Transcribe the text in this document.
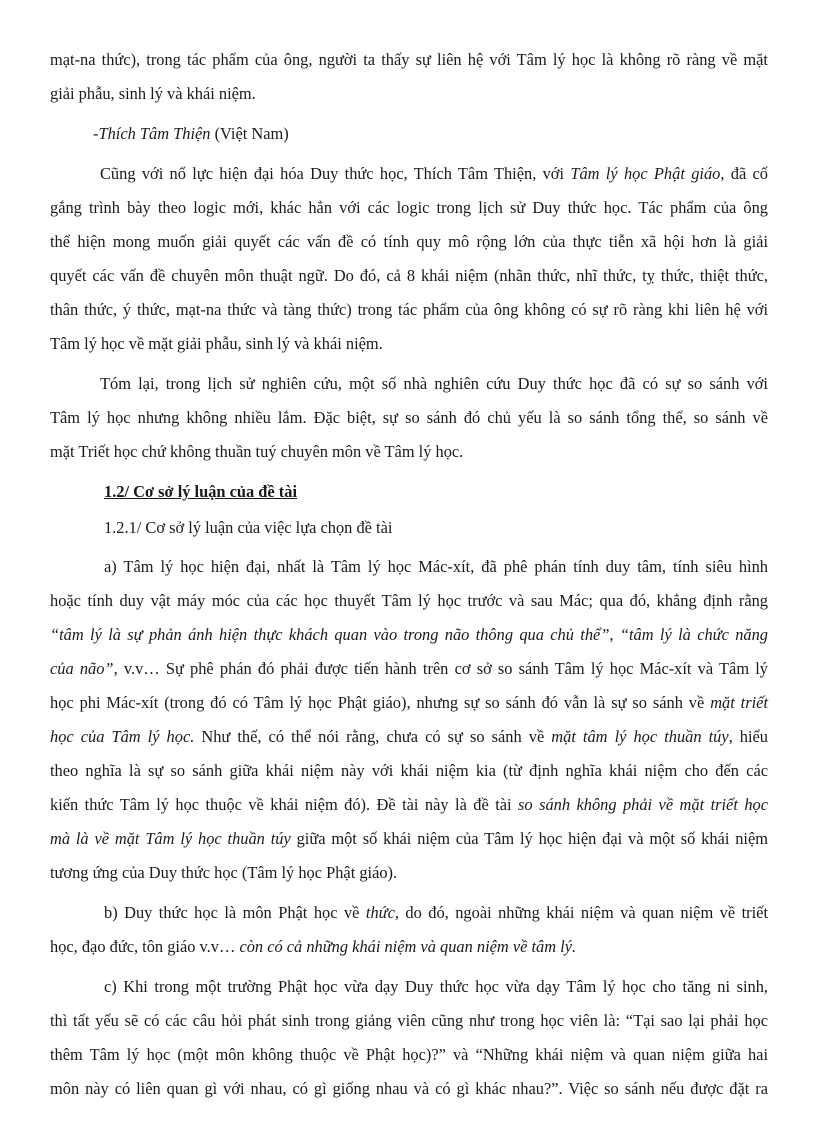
mạt-na thức), trong tác phẩm của ông, người ta thấy sự liên hệ với Tâm lý học là không rõ ràng về mặt
giải phẫu, sinh lý và khái niệm.
-Thích Tâm Thiện (Việt Nam)
Cũng với nổ lực hiện đại hóa Duy thức học, Thích Tâm Thiện, với Tâm lý học Phật giáo, đã cố
gắng trình bày theo logic mới, khác hẳn với các logic trong lịch sử Duy thức học. Tác phẩm của ông
thể hiện mong muốn giải quyết các vấn đề có tính quy mô rộng lớn của thực tiễn xã hội hơn là giải
quyết các vấn đề chuyên môn thuật ngữ. Do đó, cả 8 khái niệm (nhãn thức, nhĩ thức, tỵ thức, thiệt thức,
thân thức, ý thức, mạt-na thức và tàng thức) trong tác phẩm của ông không có sự rõ ràng khi liên hệ với
Tâm lý học về mặt giải phẫu, sinh lý và khái niệm.
Tóm lại, trong lịch sử nghiên cứu, một số nhà nghiên cứu Duy thức học đã có sự so sánh với
Tâm lý học nhưng không nhiều lắm. Đặc biệt, sự so sánh đó chủ yếu là so sánh tổng thể, so sánh về
mặt Triết học chứ không thuần tuý chuyên môn về Tâm lý học.
1.2/ Cơ sở lý luận của đề tài
1.2.1/ Cơ sở lý luận của việc lựa chọn đề tài
a) Tâm lý học hiện đại, nhất là Tâm lý học Mác-xít, đã phê phán tính duy tâm, tính siêu hình
hoặc tính duy vật máy móc của các học thuyết Tâm lý học trước và sau Mác; qua đó, khẳng định rằng
“tâm lý là sự phản ánh hiện thực khách quan vào trong não thông qua chủ thể”, “tâm lý là chức năng
của não”, v.v… Sự phê phán đó phải được tiến hành trên cơ sở so sánh Tâm lý học Mác-xít và Tâm lý
học phi Mác-xít (trong đó có Tâm lý học Phật giáo), nhưng sự so sánh đó vẫn là sự so sánh về mặt triết
học của Tâm lý học. Như thế, có thể nói rằng, chưa có sự so sánh về mặt tâm lý học thuần túy, hiểu
theo nghĩa là sự so sánh giữa khái niệm này với khái niệm kia (từ định nghĩa khái niệm cho đến các
kiến thức Tâm lý học thuộc về khái niệm đó). Đề tài này là đề tài so sánh không phải về mặt triết học
mà là về mặt Tâm lý học thuần túy giữa một số khái niệm của Tâm lý học hiện đại và một số khái niệm
tương ứng của Duy thức học (Tâm lý học Phật giáo).
b) Duy thức học là môn Phật học về thức, do đó, ngoài những khái niệm và quan niệm về triết
học, đạo đức, tôn giáo v.v… còn có cả những khái niệm và quan niệm về tâm lý.
c) Khi trong một trường Phật học vừa dạy Duy thức học vừa dạy Tâm lý học cho tăng ni sinh,
thì tất yếu sẽ có các câu hỏi phát sinh trong giảng viên cũng như trong học viên là: “Tại sao lại phải học
thêm Tâm lý học (một môn không thuộc về Phật học)?” và “Những khái niệm và quan niệm giữa hai
môn này có liên quan gì với nhau, có gì giống nhau và có gì khác nhau?”. Việc so sánh nếu được đặt ra
